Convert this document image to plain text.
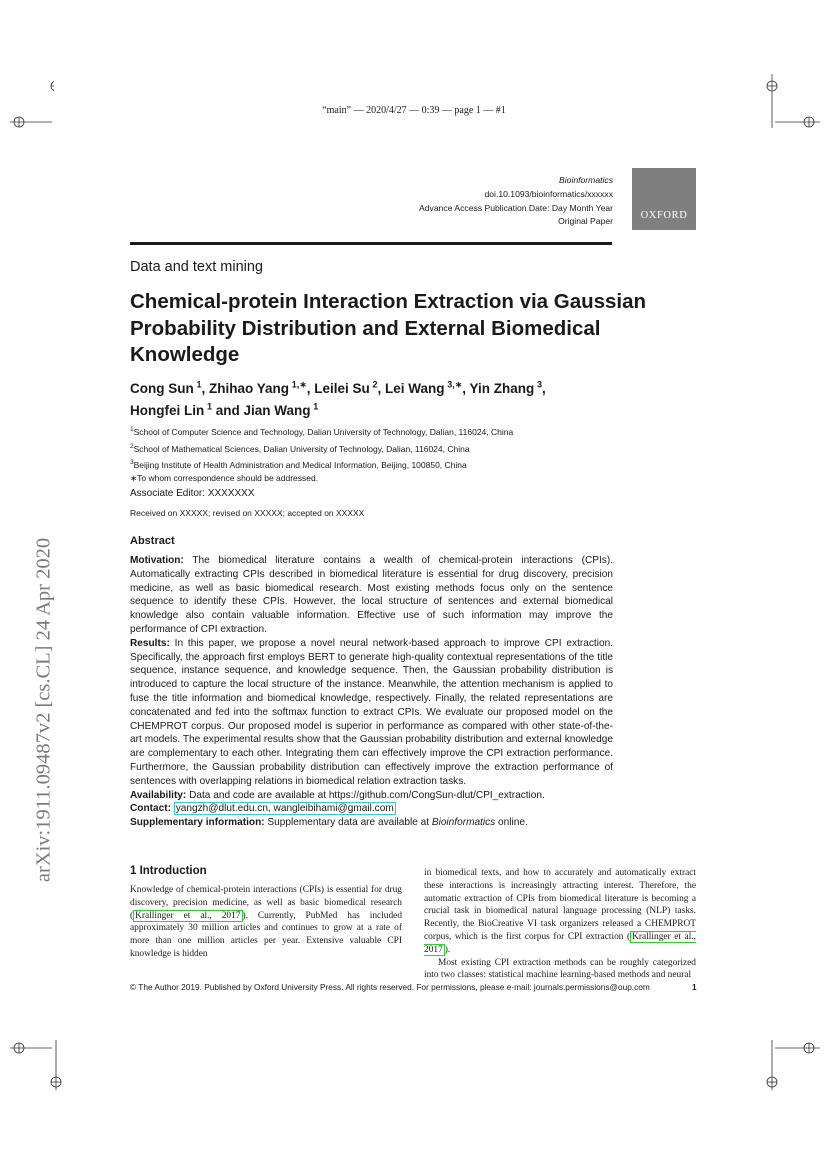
“main” — 2020/4/27 — 0:39 — page 1 — #1
Bioinformatics
doi.10.1093/bioinformatics/xxxxxx
Advance Access Publication Date: Day Month Year
Original Paper
OXFORD
Data and text mining
Chemical-protein Interaction Extraction via Gaussian Probability Distribution and External Biomedical Knowledge
Cong Sun  $^1$, Zhihao Yang  $^{1,∗}$, Leilei Su  $^2$, Lei Wang  $^{3,∗}$, Yin Zhang  $^3$,
Hongfei Lin  $^1$ and Jian Wang  $^1$
$^1$School of Computer Science and Technology, Dalian University of Technology, Dalian, 116024, China
$^2$School of Mathematical Sciences, Dalian University of Technology, Dalian, 116024, China
$^3$Beijing Institute of Health Administration and Medical Information, Beijing, 100850, China
∗To whom correspondence should be addressed.
Associate Editor: XXXXXXX
Received on XXXXX; revised on XXXXX; accepted on XXXXX
Abstract

Motivation: The biomedical literature contains a wealth of chemical-protein interactions (CPIs). Automatically extracting CPIs described in biomedical literature is essential for drug discovery, precision medicine, as well as basic biomedical research. Most existing methods focus only on the sentence sequence to identify these CPIs. However, the local structure of sentences and external biomedical knowledge also contain valuable information. Effective use of such information may improve the performance of CPI extraction.

Results: In this paper, we propose a novel neural network-based approach to improve CPI extraction. Specifically, the approach first employs BERT to generate high-quality contextual representations of the title sequence, instance sequence, and knowledge sequence. Then, the Gaussian probability distribution is introduced to capture the local structure of the instance. Meanwhile, the attention mechanism is applied to fuse the title information and biomedical knowledge, respectively. Finally, the related representations are concatenated and fed into the softmax function to extract CPIs. We evaluate our proposed model on the CHEMPROT corpus. Our proposed model is superior in performance as compared with other state-of-the-art models. The experimental results show that the Gaussian probability distribution and external knowledge are complementary to each other. Integrating them can effectively improve the CPI extraction performance. Furthermore, the Gaussian probability distribution can effectively improve the extraction performance of sentences with overlapping relations in biomedical relation extraction tasks.

Availability: Data and code are available at https://github.com/CongSun-dlut/CPI_extraction.

Contact: yangzh@dlut.edu.cn, wangleibihami@gmail.com

Supplementary information: Supplementary data are available at Bioinformatics online.

1 Introduction

Knowledge of chemical-protein interactions (CPIs) is essential for drug discovery, precision medicine, as well as basic biomedical research ( Krallinger et al., 2017 ). Currently, PubMed has included approximately 30 million articles and continues to grow at a rate of more than one million articles per year. Extensive valuable CPI knowledge is hidden

in biomedical texts, and how to accurately and automatically extract these interactions is increasingly attracting interest. Therefore, the automatic extraction of CPIs from biomedical literature is becoming a crucial task in biomedical natural language processing (NLP) tasks. Recently, the BioCreative VI task organizers released a CHEMPROT corpus, which is the first corpus for CPI extraction ( Krallinger et al., 2017 ).

Most existing CPI extraction methods can be roughly categorized into two classes: statistical machine learning-based methods and neural

© The Author 2019. Published by Oxford University Press. All rights reserved. For permissions, please e-mail: journals.permissions@oup.com	1
arXiv:1911.09487v2 [cs.CL] 24 Apr 2020
